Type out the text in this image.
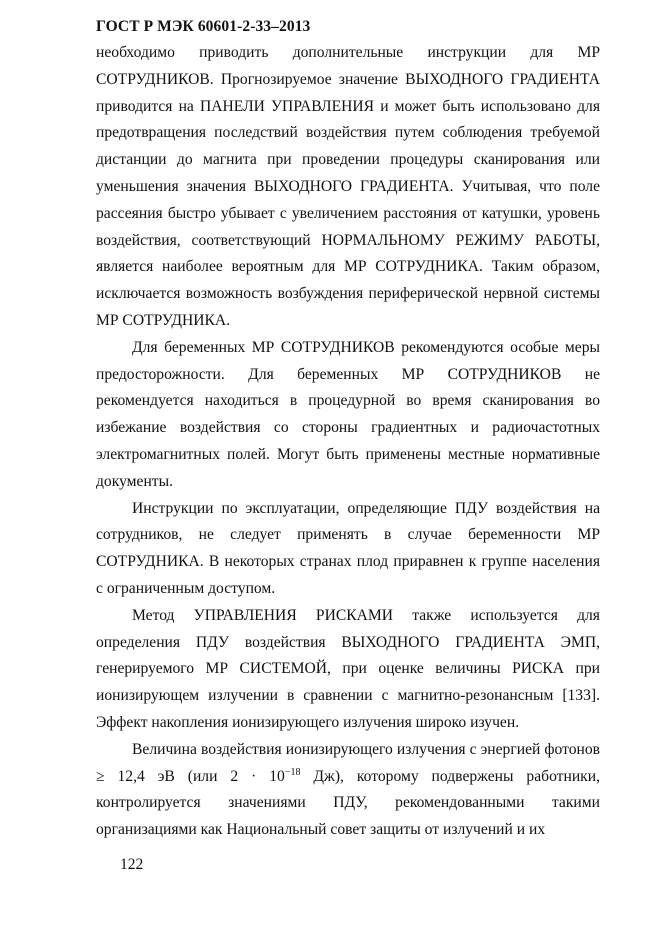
ГОСТ Р МЭК 60601-2-33–2013

необходимо приводить дополнительные инструкции для МР СОТРУДНИКОВ. Прогнозируемое значение ВЫХОДНОГО ГРАДИЕНТА приводится на ПАНЕЛИ УПРАВЛЕНИЯ и может быть использовано для предотвращения последствий воздействия путем соблюдения требуемой дистанции до магнита при проведении процедуры сканирования или уменьшения значения ВЫХОДНОГО ГРАДИЕНТА. Учитывая, что поле рассеяния быстро убывает с увеличением расстояния от катушки, уровень воздействия, соответствующий НОРМАЛЬНОМУ РЕЖИМУ РАБОТЫ, является наиболее вероятным для МР СОТРУДНИКА. Таким образом, исключается возможность возбуждения периферической нервной системы МР СОТРУДНИКА.

Для беременных МР СОТРУДНИКОВ рекомендуются особые меры предосторожности. Для беременных МР СОТРУДНИКОВ не рекомендуется находиться в процедурной во время сканирования во избежание воздействия со стороны градиентных и радиочастотных электромагнитных полей. Могут быть применены местные нормативные документы.

Инструкции по эксплуатации, определяющие ПДУ воздействия на сотрудников, не следует применять в случае беременности МР СОТРУДНИКА. В некоторых странах плод приравнен к группе населения с ограниченным доступом.

Метод УПРАВЛЕНИЯ РИСКАМИ также используется для определения ПДУ воздействия ВЫХОДНОГО ГРАДИЕНТА ЭМП, генерируемого МР СИСТЕМОЙ, при оценке величины РИСКА при ионизирующем излучении в сравнении с магнитно-резонансным [133]. Эффект накопления ионизирующего излучения широко изучен.

Величина воздействия ионизирующего излучения с энергией фотонов ≥ 12,4 эВ (или $2 \cdot 10^{-18}$ Дж), которому подвержены работники, контролируется значениями ПДУ, рекомендованными такими организациями как Национальный совет защиты от излучений и их

122
